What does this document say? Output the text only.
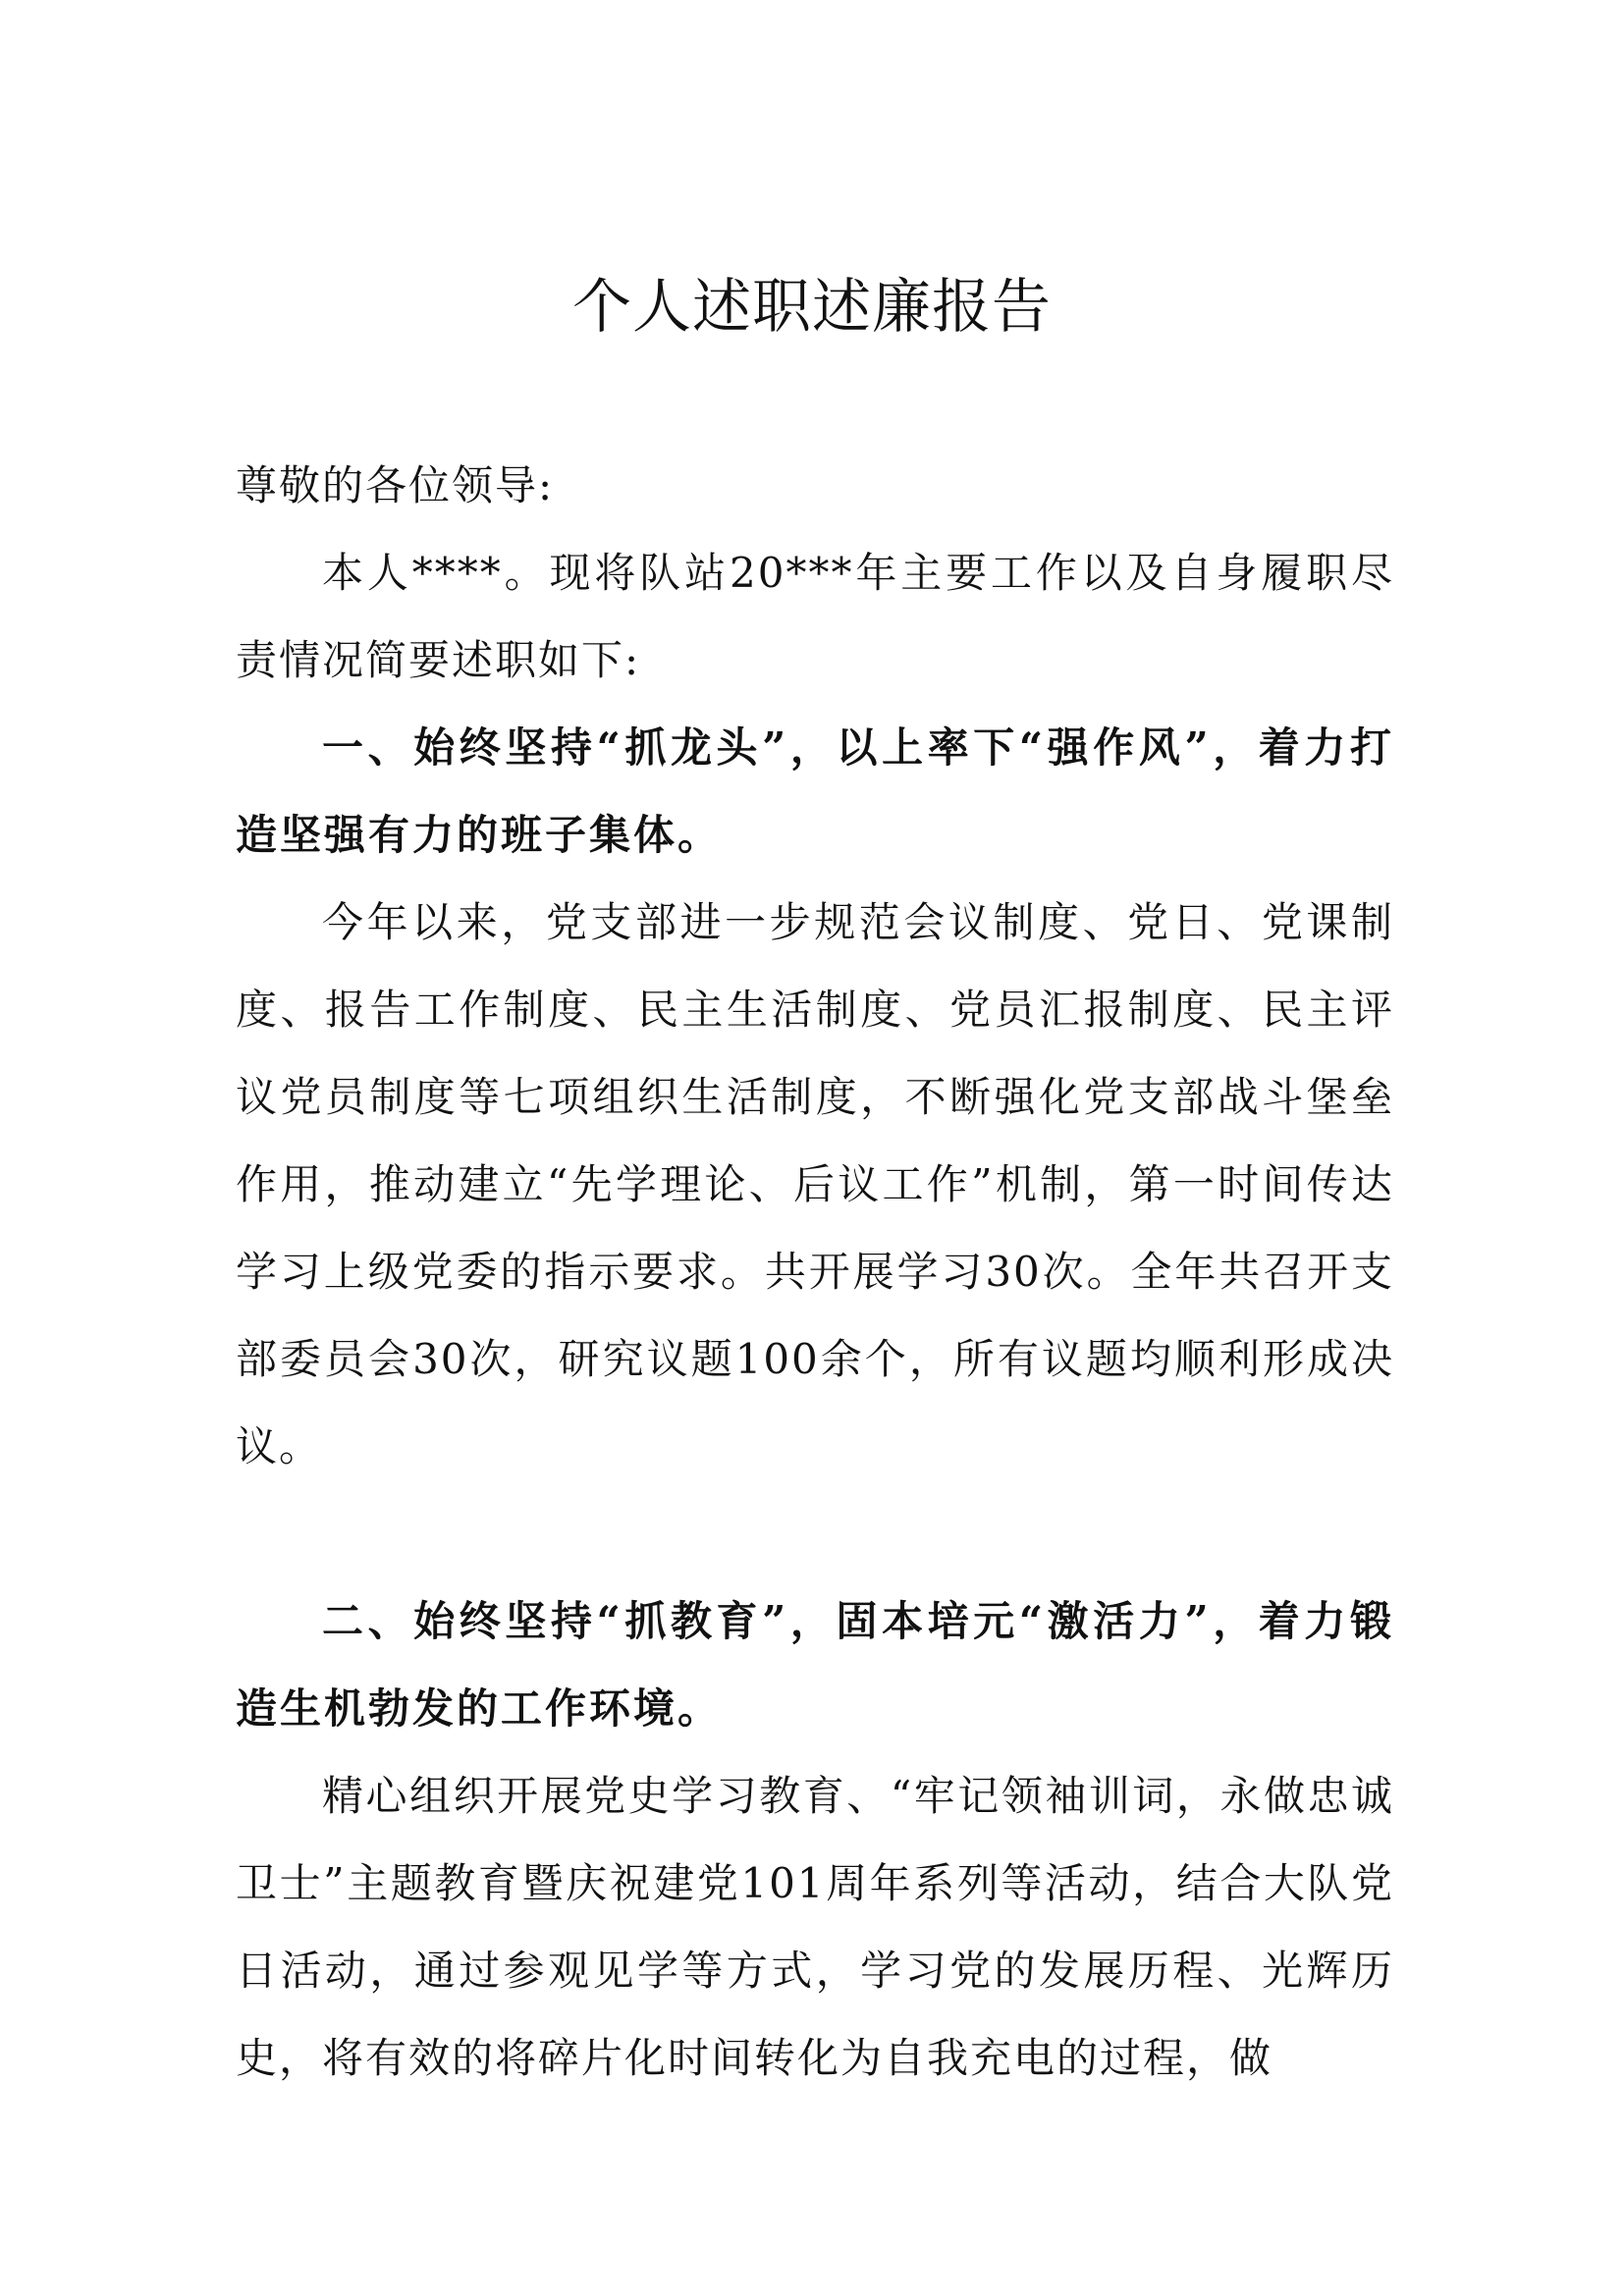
个人述职述廉报告

尊敬的各位领导:

本人****。现将队站20***年主要工作以及自身履职尽责情况简要述职如下:

一、始终坚持“抓龙头”，以上率下“强作风”，着力打造坚强有力的班子集体。

今年以来，党支部进一步规范会议制度、党日、党课制度、报告工作制度、民主生活制度、党员汇报制度、民主评议党员制度等七项组织生活制度，不断强化党支部战斗堡垒作用，推动建立“先学理论、后议工作”机制，第一时间传达学习上级党委的指示要求。共开展学习30次。全年共召开支部委员会30次，研究议题100余个，所有议题均顺利形成决议。

二、始终坚持“抓教育”，固本培元“激活力”，着力锻造生机勃发的工作环境。

精心组织开展党史学习教育、“牢记领袖训词，永做忠诚卫士”主题教育暨庆祝建党101周年系列等活动，结合大队党日活动，通过参观见学等方式，学习党的发展历程、光辉历史，将有效的将碎片化时间转化为自我充电的过程，做
